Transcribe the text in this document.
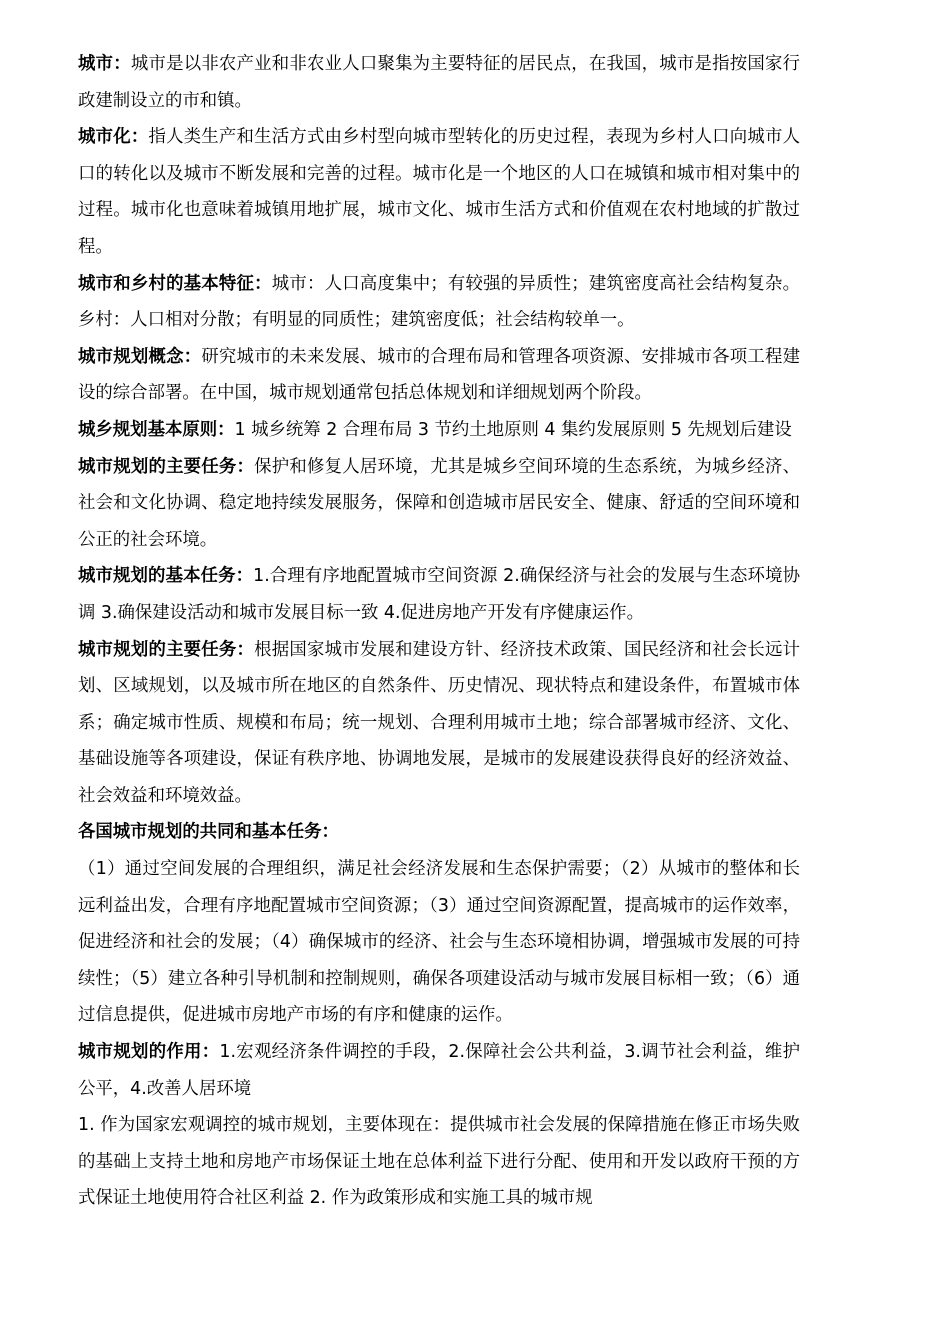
城市：城市是以非农产业和非农业人口聚集为主要特征的居民点，在我国，城市是指按国家行政建制设立的市和镇。

城市化：指人类生产和生活方式由乡村型向城市型转化的历史过程，表现为乡村人口向城市人口的转化以及城市不断发展和完善的过程。城市化是一个地区的人口在城镇和城市相对集中的过程。城市化也意味着城镇用地扩展，城市文化、城市生活方式和价值观在农村地域的扩散过程。

城市和乡村的基本特征：城市：人口高度集中；有较强的异质性；建筑密度高社会结构复杂。乡村：人口相对分散；有明显的同质性；建筑密度低；社会结构较单一。

城市规划概念：研究城市的未来发展、城市的合理布局和管理各项资源、安排城市各项工程建设的综合部署。在中国，城市规划通常包括总体规划和详细规划两个阶段。

城乡规划基本原则：1 城乡统筹 2 合理布局 3 节约土地原则 4 集约发展原则 5 先规划后建设

城市规划的主要任务：保护和修复人居环境，尤其是城乡空间环境的生态系统，为城乡经济、社会和文化协调、稳定地持续发展服务，保障和创造城市居民安全、健康、舒适的空间环境和公正的社会环境。

城市规划的基本任务：1.合理有序地配置城市空间资源 2.确保经济与社会的发展与生态环境协调 3.确保建设活动和城市发展目标一致 4.促进房地产开发有序健康运作。

城市规划的主要任务：根据国家城市发展和建设方针、经济技术政策、国民经济和社会长远计划、区域规划，以及城市所在地区的自然条件、历史情况、现状特点和建设条件，布置城市体系；确定城市性质、规模和布局；统一规划、合理利用城市土地；综合部署城市经济、文化、基础设施等各项建设，保证有秩序地、协调地发展，是城市的发展建设获得良好的经济效益、社会效益和环境效益。

各国城市规划的共同和基本任务：

（1）通过空间发展的合理组织，满足社会经济发展和生态保护需要；（2）从城市的整体和长远利益出发，合理有序地配置城市空间资源；（3）通过空间资源配置，提高城市的运作效率，促进经济和社会的发展；（4）确保城市的经济、社会与生态环境相协调，增强城市发展的可持续性；（5）建立各种引导机制和控制规则，确保各项建设活动与城市发展目标相一致；（6）通过信息提供，促进城市房地产市场的有序和健康的运作。

城市规划的作用：1.宏观经济条件调控的手段，2.保障社会公共利益，3.调节社会利益，维护公平，4.改善人居环境

1. 作为国家宏观调控的城市规划，主要体现在：提供城市社会发展的保障措施在修正市场失败的基础上支持土地和房地产市场保证土地在总体利益下进行分配、使用和开发以政府干预的方式保证土地使用符合社区利益 2. 作为政策形成和实施工具的城市规
